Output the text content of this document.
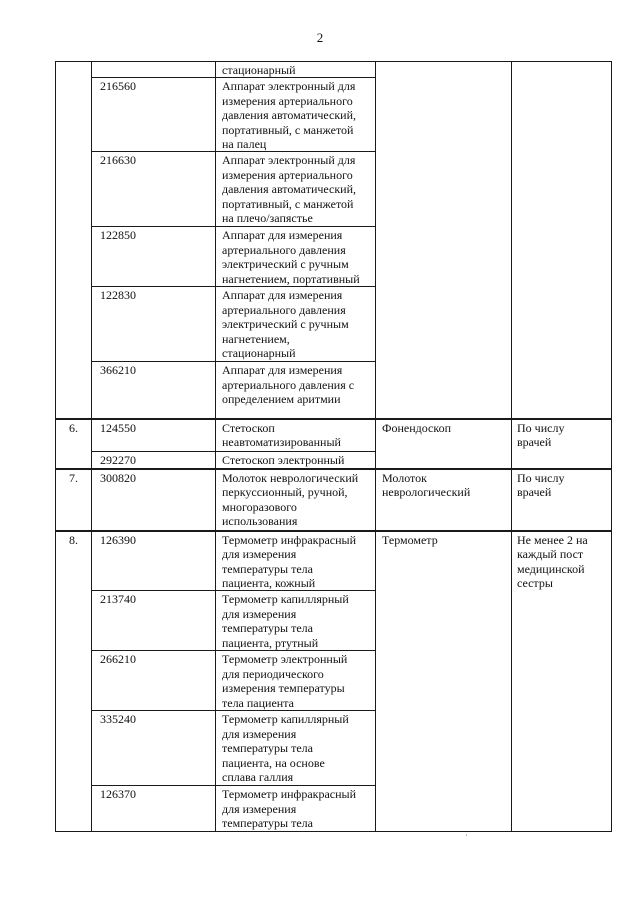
2

		стационарный		

	216560	Аппарат электронный для
измерения артериального
давления автоматический,
портативный, с манжетой
на палец		

	216630	Аппарат электронный для
измерения артериального
давления автоматический,
портативный, с манжетой
на плечо/запястье		

	122850	Аппарат для измерения
артериального давления
электрический с ручным
нагнетением, портативный		

	122830	Аппарат для измерения
артериального давления
электрический с ручным
нагнетением,
стационарный		

	366210	Аппарат для измерения
артериального давления с
определением аритмии		

6.	124550	Стетоскоп
неавтоматизированный	Фонендоскоп	По числу
врачей

	292270	Стетоскоп электронный		

7.	300820	Молоток неврологический
перкуссионный, ручной,
многоразового
использования	Молоток
неврологический	По числу
врачей

8.	126390	Термометр инфракрасный
для измерения
температуры тела
пациента, кожный	Термометр	Не менее 2 на
каждый пост
медицинской
сестры

	213740	Термометр капиллярный
для измерения
температуры тела
пациента, ртутный		

	266210	Термометр электронный
для периодического
измерения температуры
тела пациента		

	335240	Термометр капиллярный
для измерения
температуры тела
пациента, на основе
сплава галлия		

	126370	Термометр инфракрасный
для измерения
температуры тела		
·
